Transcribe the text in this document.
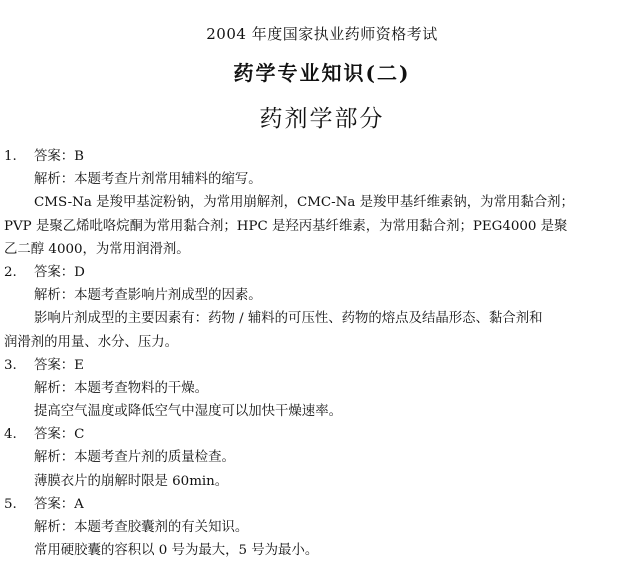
2004 年度国家执业药师资格考试
药学专业知识(二)
药剂学部分
1. 答案：B
解析：本题考查片剂常用辅料的缩写。
CMS-Na 是羧甲基淀粉钠，为常用崩解剂，CMC-Na 是羧甲基纤维素钠，为常用黏合剂；
PVP 是聚乙烯吡咯烷酮为常用黏合剂；HPC 是羟丙基纤维素，为常用黏合剂；PEG4000 是聚
乙二醇 4000，为常用润滑剂。
2. 答案：D
解析：本题考查影响片剂成型的因素。
影响片剂成型的主要因素有：药物 / 辅料的可压性、药物的熔点及结晶形态、黏合剂和
润滑剂的用量、水分、压力。
3. 答案：E
解析：本题考查物料的干燥。
提高空气温度或降低空气中湿度可以加快干燥速率。
4. 答案：C
解析：本题考查片剂的质量检查。
薄膜衣片的崩解时限是 60min。
5. 答案：A
解析：本题考查胶囊剂的有关知识。
常用硬胶囊的容积以 0 号为最大，5 号为最小。
